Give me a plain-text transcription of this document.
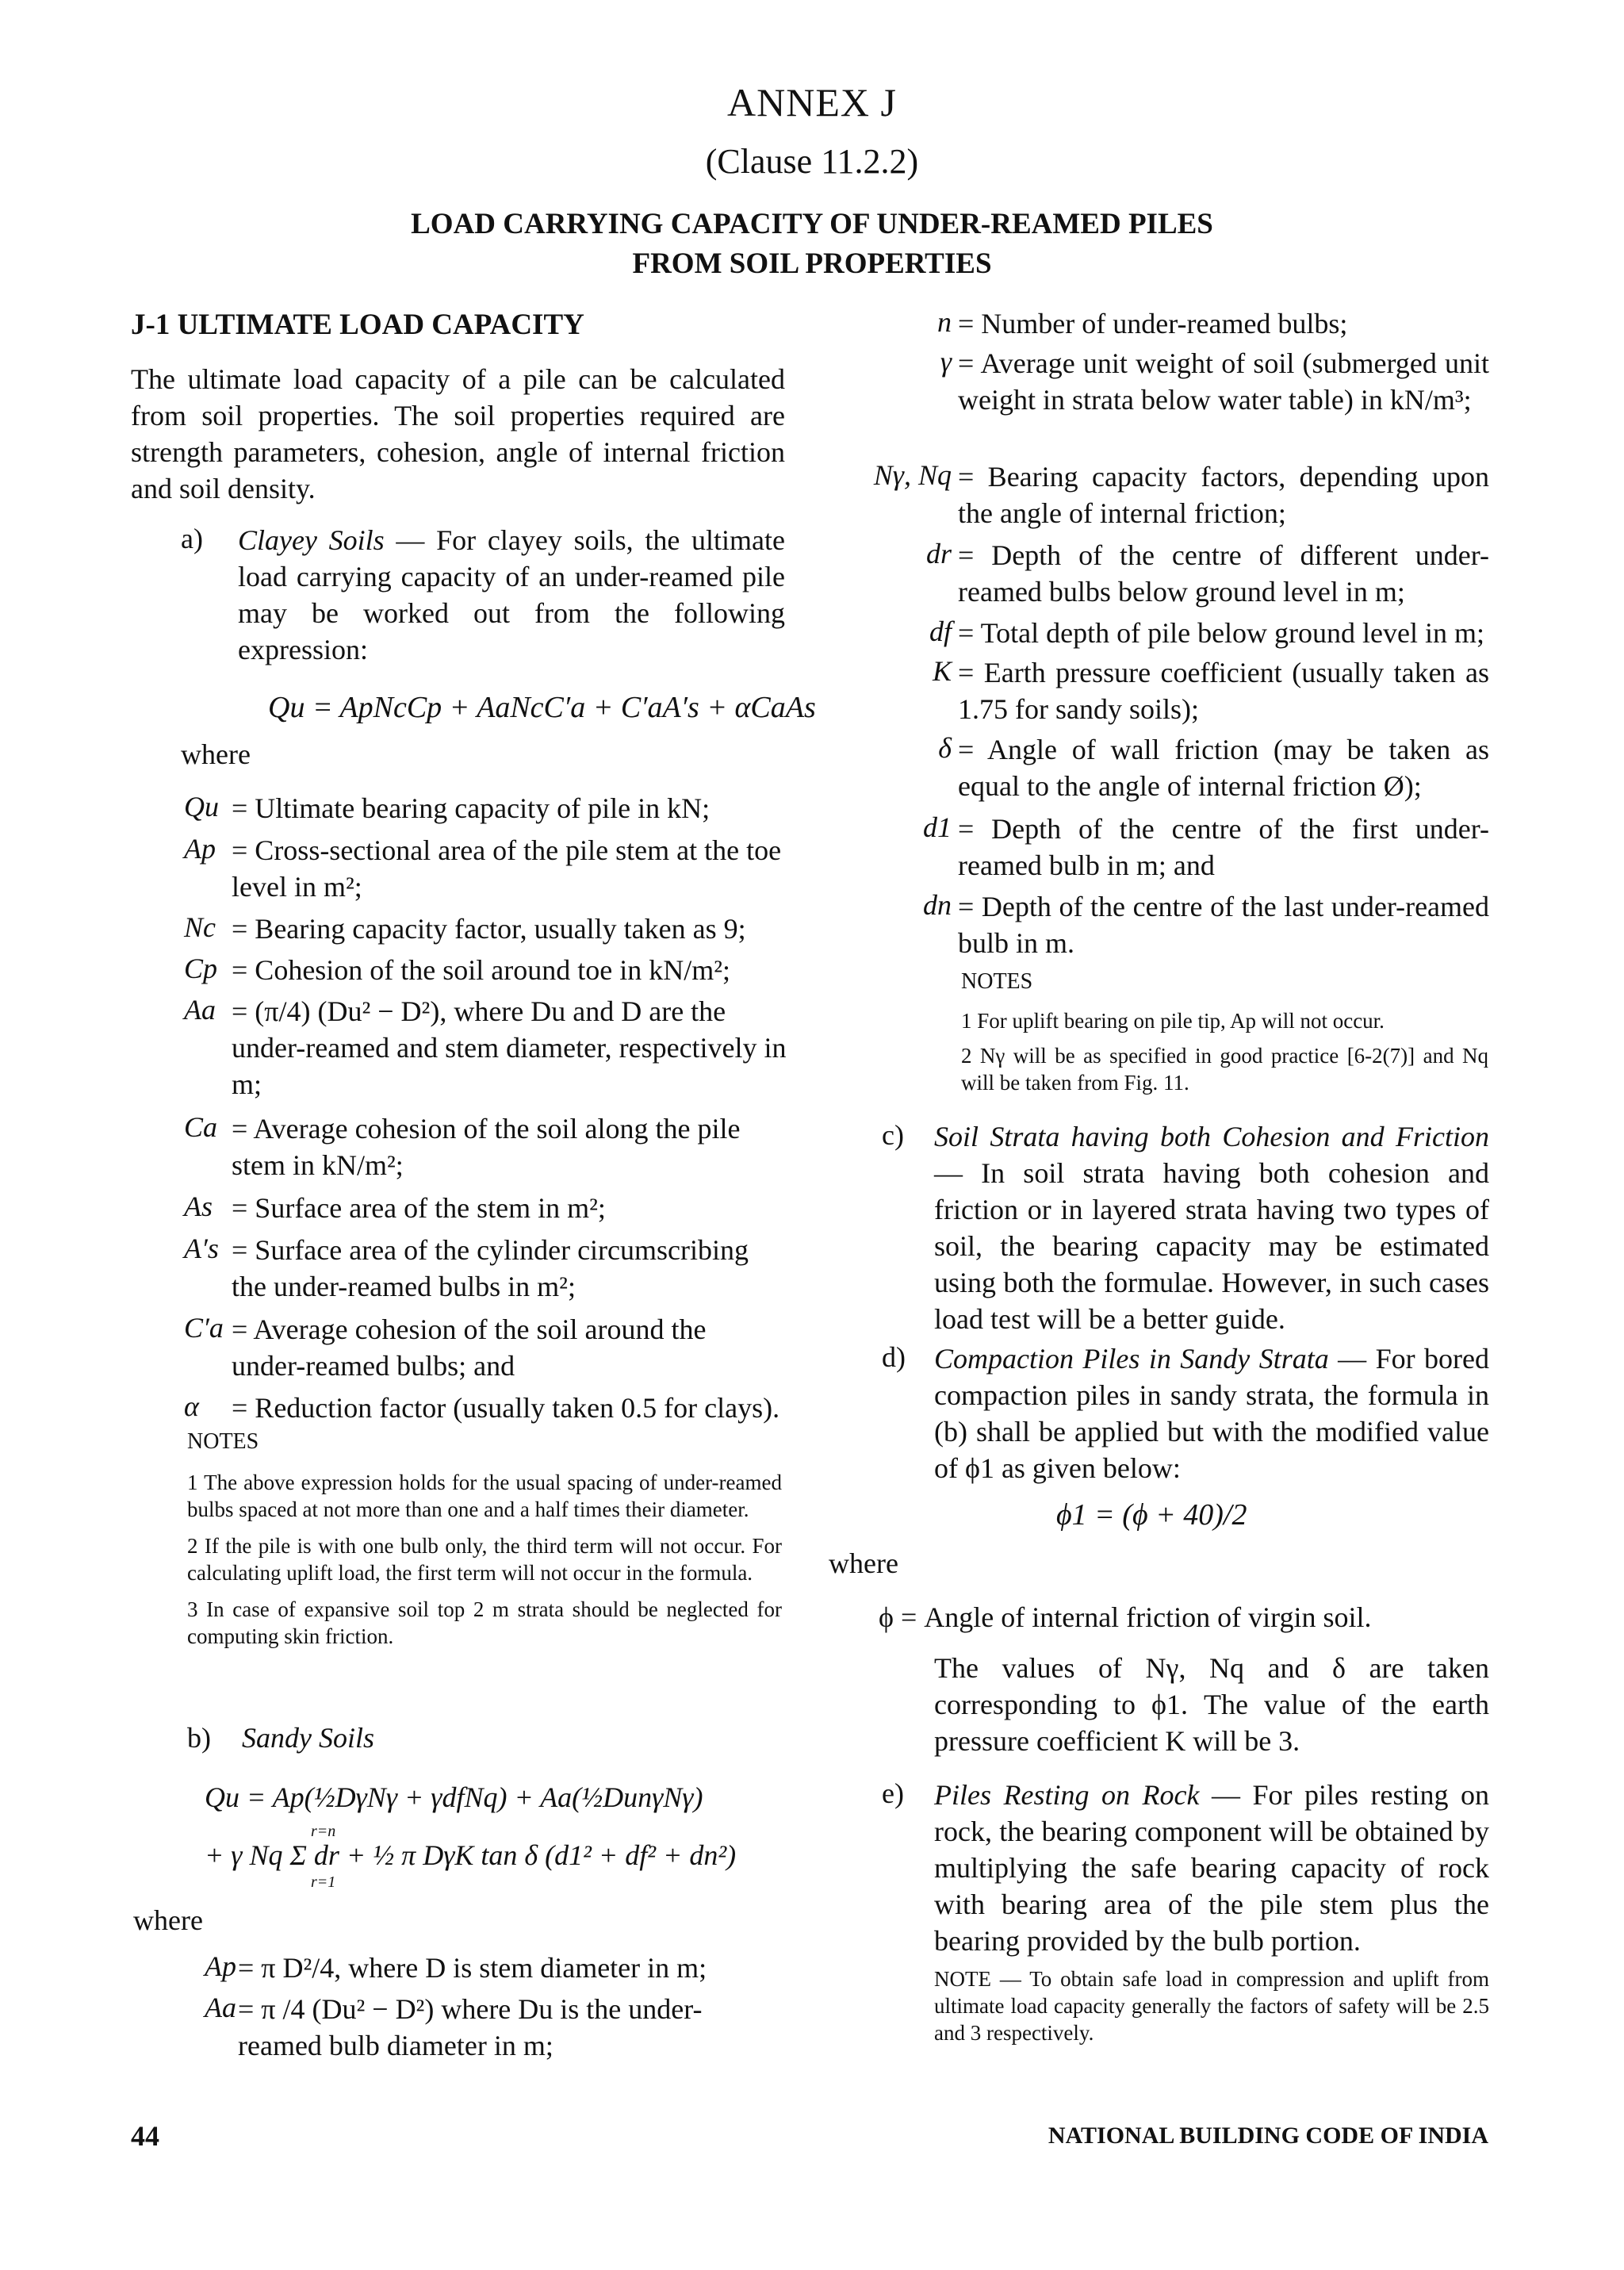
ANNEX J
(Clause 11.2.2)
LOAD CARRYING CAPACITY OF UNDER-REAMED PILES
FROM SOIL PROPERTIES
J-1 ULTIMATE LOAD CAPACITY

The ultimate load capacity of a pile can be calculated from soil properties. The soil properties required are strength parameters, cohesion, angle of internal friction and soil density.

a) Clayey Soils — For clayey soils, the ultimate load carrying capacity of an under-reamed pile may be worked out from the following expression:

Qu = ApNcCp + AaNcC′a + C′aA′s + αCaAs
where
Qu = Ultimate bearing capacity of pile in kN;
Ap = Cross-sectional area of the pile stem at the toe level in m²;
Nc = Bearing capacity factor, usually taken as 9;
Cp = Cohesion of the soil around toe in kN/m²;
Aa = (π/4) (Du² − D²), where Du and D are the under-reamed and stem diameter, respectively in m;
Ca = Average cohesion of the soil along the pile stem in kN/m²;
As = Surface area of the stem in m²;
A′s = Surface area of the cylinder circumscribing the under-reamed bulbs in m²;
C′a = Average cohesion of the soil around the under-reamed bulbs; and
α = Reduction factor (usually taken 0.5 for clays).
NOTES

1 The above expression holds for the usual spacing of under-reamed bulbs spaced at not more than one and a half times their diameter.

2 If the pile is with one bulb only, the third term will not occur. For calculating uplift load, the first term will not occur in the formula.

3 In case of expansive soil top 2 m strata should be neglected for computing skin friction.

b) Sandy Soils
Qu = Ap(½DγNγ + γdfNq) + Aa(½DunγNγ)
r=n
+ γ Nq Σ dr + ½ π DγK tan δ (d1² + df² + dn²)
r=1
where
Ap = π D²/4, where D is stem diameter in m;
Aa = π /4 (Du² − D²) where Du is the under-reamed bulb diameter in m;
n = Number of under-reamed bulbs;
γ = Average unit weight of soil (submerged unit weight in strata below water table) in kN/m³;
Nγ, Nq = Bearing capacity factors, depending upon the angle of internal friction;
dr = Depth of the centre of different under-reamed bulbs below ground level in m;
df = Total depth of pile below ground level in m;
K = Earth pressure coefficient (usually taken as 1.75 for sandy soils);
δ = Angle of wall friction (may be taken as equal to the angle of internal friction Ø);
d1 = Depth of the centre of the first under-reamed bulb in m; and
dn = Depth of the centre of the last under-reamed bulb in m.
NOTES

1 For uplift bearing on pile tip, Ap will not occur.

2 Nγ will be as specified in good practice [6-2(7)] and Nq will be taken from Fig. 11.

c) Soil Strata having both Cohesion and Friction — In soil strata having both cohesion and friction or in layered strata having two types of soil, the bearing capacity may be estimated using both the formulae. However, in such cases load test will be a better guide.

d) Compaction Piles in Sandy Strata — For bored compaction piles in sandy strata, the formula in (b) shall be applied but with the modified value of ϕ1 as given below:

ϕ1 = (ϕ + 40)/2
where
ϕ = Angle of internal friction of virgin soil.

The values of Nγ, Nq and δ are taken corresponding to ϕ1. The value of the earth pressure coefficient K will be 3.

e) Piles Resting on Rock — For piles resting on rock, the bearing component will be obtained by multiplying the safe bearing capacity of rock with bearing area of the pile stem plus the bearing provided by the bulb portion.

NOTE — To obtain safe load in compression and uplift from ultimate load capacity generally the factors of safety will be 2.5 and 3 respectively.

44	NATIONAL BUILDING CODE OF INDIA
